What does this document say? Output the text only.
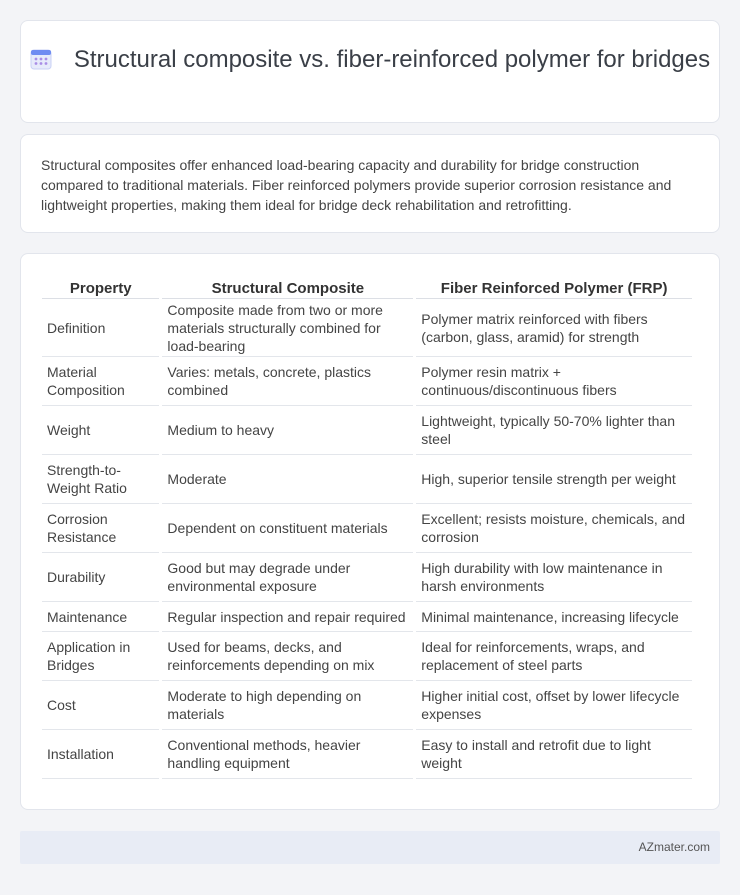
Structural composite vs. fiber-reinforced polymer for bridges

Structural composites offer enhanced load-bearing capacity and durability for bridge construction compared to traditional materials. Fiber reinforced polymers provide superior corrosion resistance and lightweight properties, making them ideal for bridge deck rehabilitation and retrofitting.

Property	Structural Composite	Fiber Reinforced Polymer (FRP)
Definition	Composite made from two or more materials structurally combined for load-bearing	Polymer matrix reinforced with fibers (carbon, glass, aramid) for strength
Material Composition	Varies: metals, concrete, plastics combined	Polymer resin matrix + continuous/discontinuous fibers
Weight	Medium to heavy	Lightweight, typically 50-70% lighter than steel
Strength-to-Weight Ratio	Moderate	High, superior tensile strength per weight
Corrosion Resistance	Dependent on constituent materials	Excellent; resists moisture, chemicals, and corrosion
Durability	Good but may degrade under environmental exposure	High durability with low maintenance in harsh environments
Maintenance	Regular inspection and repair required	Minimal maintenance, increasing lifecycle
Application in Bridges	Used for beams, decks, and reinforcements depending on mix	Ideal for reinforcements, wraps, and replacement of steel parts
Cost	Moderate to high depending on materials	Higher initial cost, offset by lower lifecycle expenses
Installation	Conventional methods, heavier handling equipment	Easy to install and retrofit due to light weight
AZmater.com
